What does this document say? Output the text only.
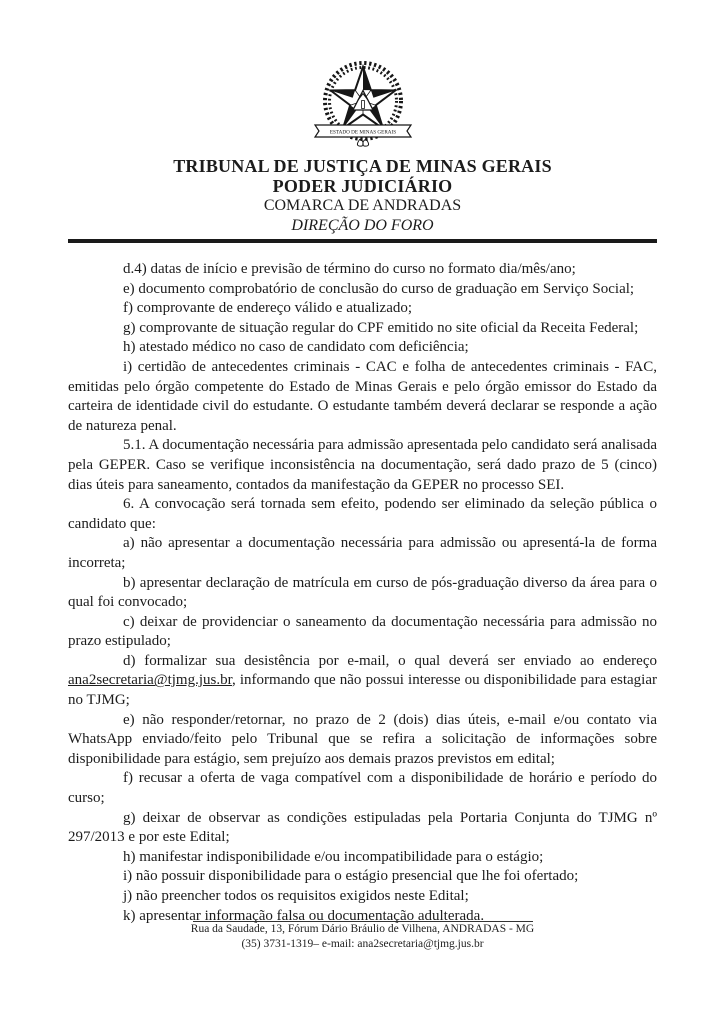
ESTADO DE MINAS GERAIS
TRIBUNAL DE JUSTIÇA DE MINAS GERAIS
PODER JUDICIÁRIO
COMARCA DE ANDRADAS
DIREÇÃO DO FORO

d.4) datas de início e previsão de término do curso no formato dia/mês/ano;

e) documento comprobatório de conclusão do curso de graduação em Serviço Social;

f) comprovante de endereço válido e atualizado;

g) comprovante de situação regular do CPF emitido no site oficial da Receita Federal;

h) atestado médico no caso de candidato com deficiência;

i) certidão de antecedentes criminais - CAC e folha de antecedentes criminais - FAC, emitidas pelo órgão competente do Estado de Minas Gerais e pelo órgão emissor do Estado da carteira de identidade civil do estudante. O estudante também deverá declarar se responde a ação de natureza penal.

5.1. A documentação necessária para admissão apresentada pelo candidato será analisada pela GEPER. Caso se verifique inconsistência na documentação, será dado prazo de 5 (cinco) dias úteis para saneamento, contados da manifestação da GEPER no processo SEI.

6. A convocação será tornada sem efeito, podendo ser eliminado da seleção pública o candidato que:

a) não apresentar a documentação necessária para admissão ou apresentá-la de forma incorreta;

b) apresentar declaração de matrícula em curso de pós-graduação diverso da área para o qual foi convocado;

c) deixar de providenciar o saneamento da documentação necessária para admissão no prazo estipulado;

d) formalizar sua desistência por e-mail, o qual deverá ser enviado ao endereço ana2secretaria@tjmg.jus.br, informando que não possui interesse ou disponibilidade para estagiar no TJMG;

e) não responder/retornar, no prazo de 2 (dois) dias úteis, e-mail e/ou contato via WhatsApp enviado/feito pelo Tribunal que se refira a solicitação de informações sobre disponibilidade para estágio, sem prejuízo aos demais prazos previstos em edital;

f) recusar a oferta de vaga compatível com a disponibilidade de horário e período do curso;

g) deixar de observar as condições estipuladas pela Portaria Conjunta do TJMG nº 297/2013 e por este Edital;

h) manifestar indisponibilidade e/ou incompatibilidade para o estágio;

i) não possuir disponibilidade para o estágio presencial que lhe foi ofertado;

j) não preencher todos os requisitos exigidos neste Edital;

k) apresentar informação falsa ou documentação adulterada.

Rua da Saudade, 13, Fórum Dário Bráulio de Vilhena, ANDRADAS - MG
(35) 3731-1319– e-mail: ana2secretaria@tjmg.jus.br
